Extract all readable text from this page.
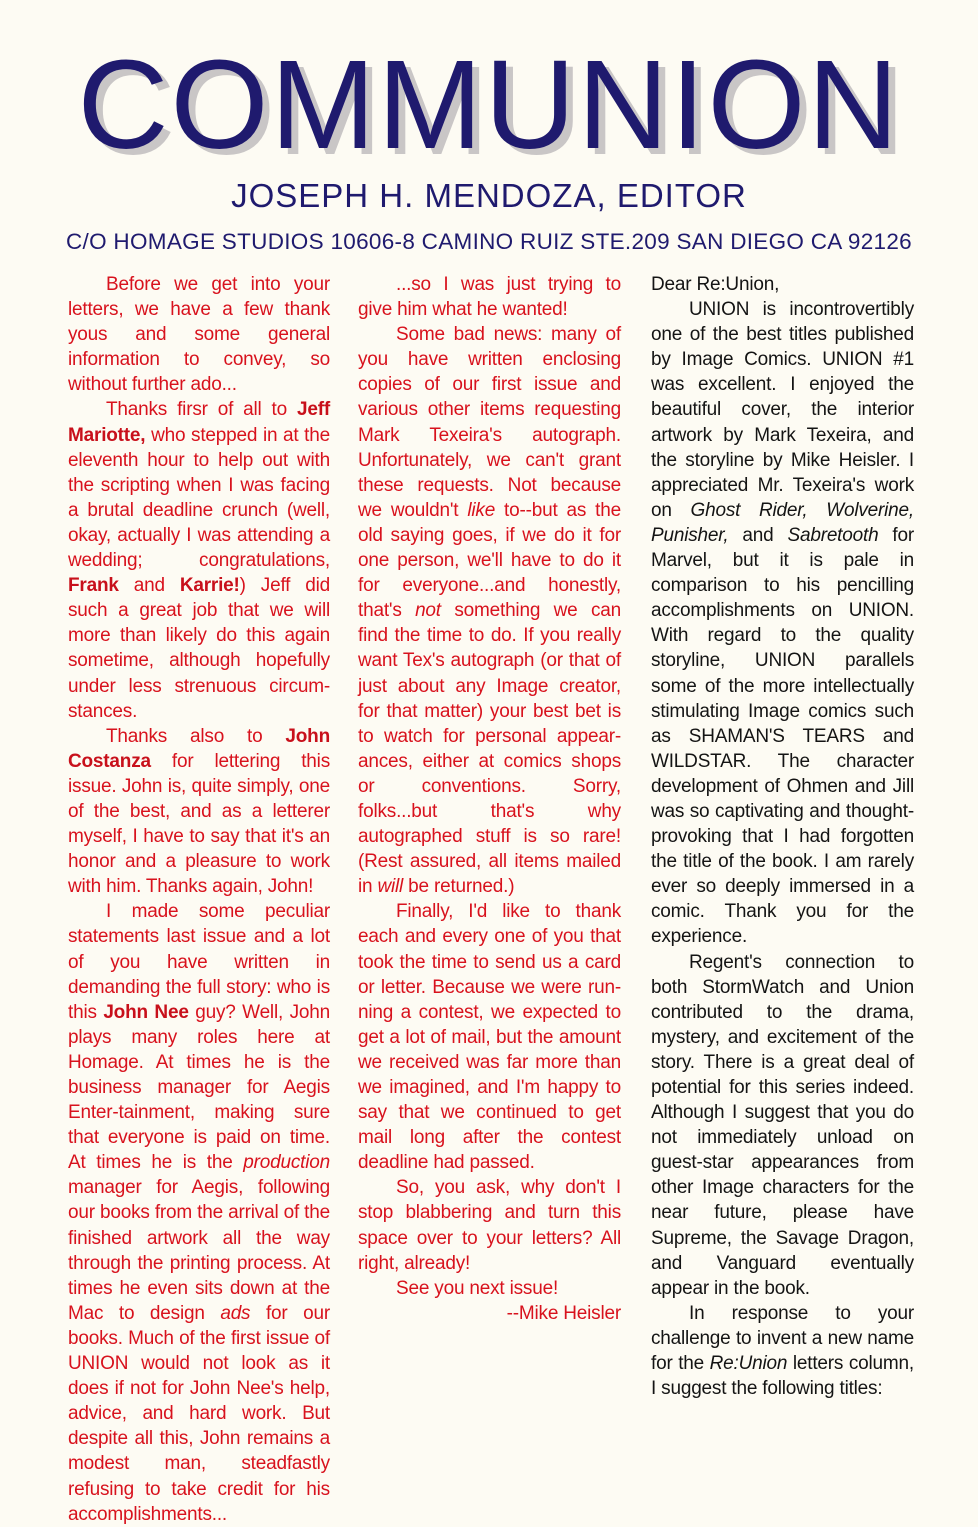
COMMUNION
JOSEPH H. MENDOZA, EDITOR
C/O HOMAGE STUDIOS 10606-8 CAMINO RUIZ STE.209 SAN DIEGO CA 92126

Before we get into your letters, we have a few thank yous and some general information to convey, so without further ado...

Thanks firsr of all to Jeff Mariotte, who stepped in at the eleventh hour to help out with the scripting when I was facing a brutal deadline crunch (well, okay, actually I was attending a wedding; congratulations, Frank and Karrie!) Jeff did such a great job that we will more than likely do this again sometime, although hopefully under less strenuous circum-stances.

Thanks also to John Costanza for lettering this issue. John is, quite simply, one of the best, and as a letterer myself, I have to say that it's an honor and a pleasure to work with him. Thanks again, John!

I made some peculiar statements last issue and a lot of you have written in demanding the full story: who is this John Nee guy? Well, John plays many roles here at Homage. At times he is the business manager for Aegis Enter-tainment, making sure that everyone is paid on time. At times he is the production manager for Aegis, following our books from the arrival of the finished artwork all the way through the printing process. At times he even sits down at the Mac to design ads for our books. Much of the first issue of UNION would not look as it does if not for John Nee's help, advice, and hard work. But despite all this, John remains a modest man, steadfastly refusing to take credit for his accomplishments...

...so I was just trying to give him what he wanted!

Some bad news: many of you have written enclosing copies of our first issue and various other items requesting Mark Texeira's autograph. Unfortunately, we can't grant these requests. Not because we wouldn't like to--but as the old saying goes, if we do it for one person, we'll have to do it for everyone...and honestly, that's not something we can find the time to do. If you really want Tex's autograph (or that of just about any Image creator, for that matter) your best bet is to watch for personal appear-ances, either at comics shops or conventions. Sorry, folks...but that's why autographed stuff is so rare! (Rest assured, all items mailed in will be returned.)

Finally, I'd like to thank each and every one of you that took the time to send us a card or letter. Because we were run-ning a contest, we expected to get a lot of mail, but the amount we received was far more than we imagined, and I'm happy to say that we continued to get mail long after the contest deadline had passed.

So, you ask, why don't I stop blabbering and turn this space over to your letters? All right, already!

See you next issue!

--Mike Heisler

Dear Re:Union,

UNION is incontrovertibly one of the best titles published by Image Comics. UNION #1 was excellent. I enjoyed the beautiful cover, the interior artwork by Mark Texeira, and the storyline by Mike Heisler. I appreciated Mr. Texeira's work on Ghost Rider, Wolverine, Punisher, and Sabretooth for Marvel, but it is pale in comparison to his pencilling accomplishments on UNION. With regard to the quality storyline, UNION parallels some of the more intellectually stimulating Image comics such as SHAMAN'S TEARS and WILDSTAR. The character development of Ohmen and Jill was so captivating and thought-provoking that I had forgotten the title of the book. I am rarely ever so deeply immersed in a comic. Thank you for the experience.

Regent's connection to both StormWatch and Union contributed to the drama, mystery, and excitement of the story. There is a great deal of potential for this series indeed. Although I suggest that you do not immediately unload on guest-star appearances from other Image characters for the near future, please have Supreme, the Savage Dragon, and Vanguard eventually appear in the book.

In response to your challenge to invent a new name for the Re:Union letters column, I suggest the following titles:
